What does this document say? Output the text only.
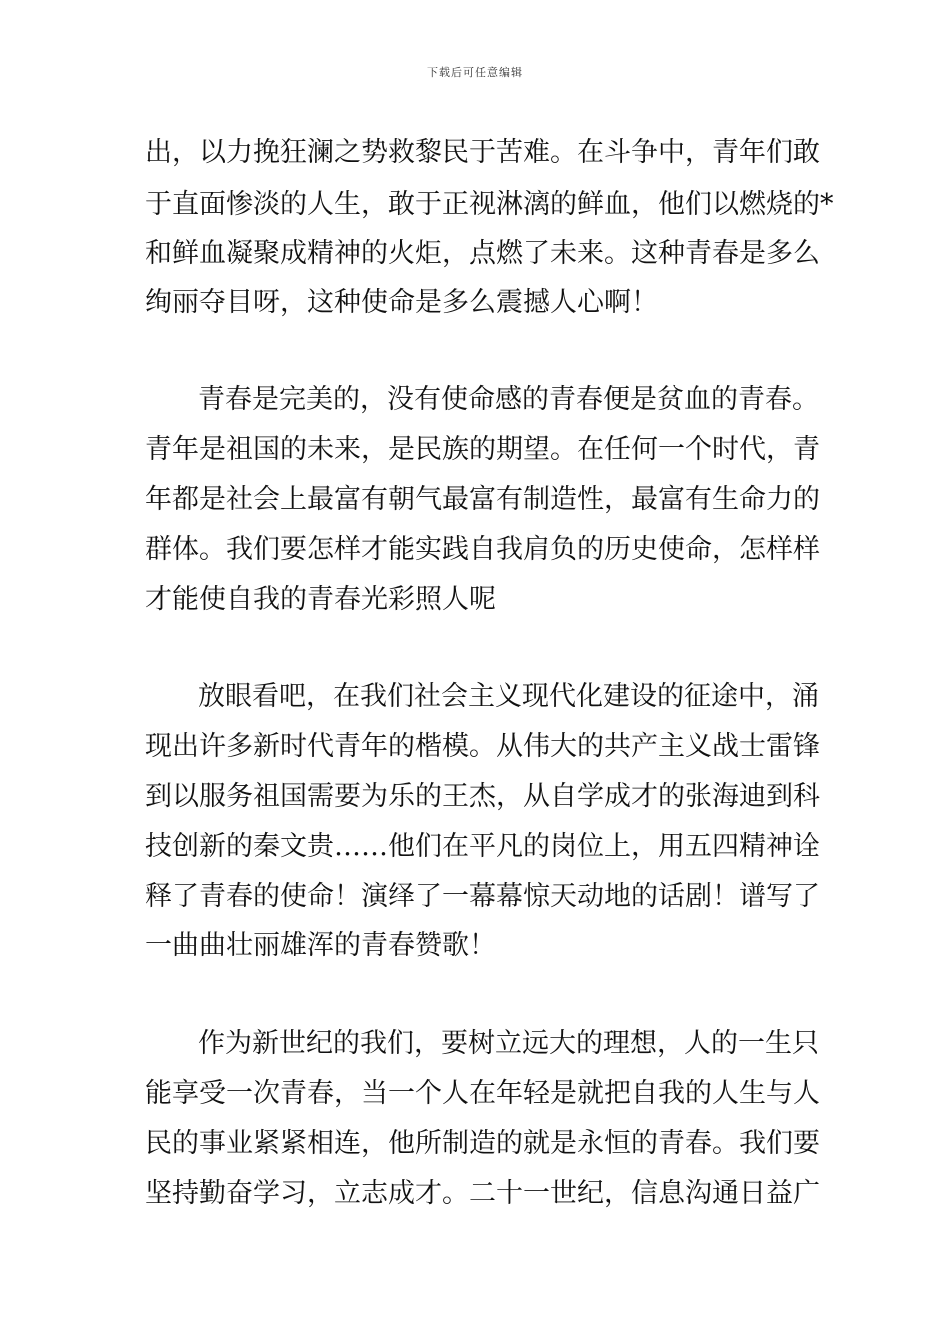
下载后可任意编辑
出，以力挽狂澜之势救黎民于苦难。在斗争中，青年们敢
于直面惨淡的人生，敢于正视淋漓的鲜血，他们以燃烧的*
和鲜血凝聚成精神的火炬，点燃了未来。这种青春是多么
绚丽夺目呀，这种使命是多么震撼人心啊！
青春是完美的，没有使命感的青春便是贫血的青春。
青年是祖国的未来，是民族的期望。在任何一个时代，青
年都是社会上最富有朝气最富有制造性，最富有生命力的
群体。我们要怎样才能实践自我肩负的历史使命，怎样样
才能使自我的青春光彩照人呢
放眼看吧，在我们社会主义现代化建设的征途中，涌
现出许多新时代青年的楷模。从伟大的共产主义战士雷锋
到以服务祖国需要为乐的王杰，从自学成才的张海迪到科
技创新的秦文贵……他们在平凡的岗位上，用五四精神诠
释了青春的使命！演绎了一幕幕惊天动地的话剧！谱写了
一曲曲壮丽雄浑的青春赞歌！
作为新世纪的我们，要树立远大的理想，人的一生只
能享受一次青春，当一个人在年轻是就把自我的人生与人
民的事业紧紧相连，他所制造的就是永恒的青春。我们要
坚持勤奋学习，立志成才。二十一世纪，信息沟通日益广
